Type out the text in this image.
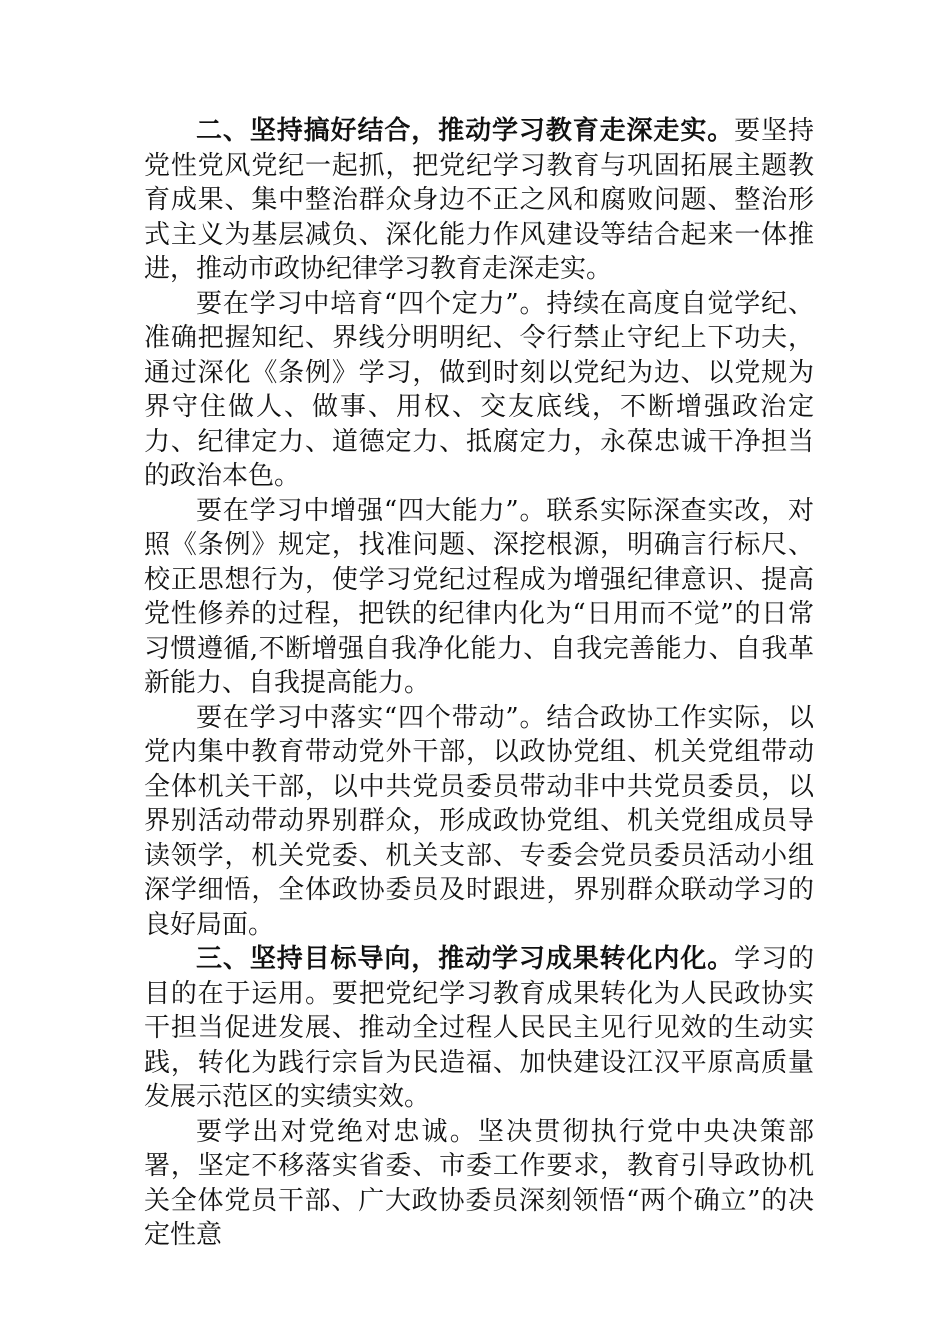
二、坚持搞好结合，推动学习教育走深走实。要坚持党性党风党纪一起抓，把党纪学习教育与巩固拓展主题教育成果、集中整治群众身边不正之风和腐败问题、整治形式主义为基层减负、深化能力作风建设等结合起来一体推进，推动市政协纪律学习教育走深走实。

要在学习中培育“四个定力”。持续在高度自觉学纪、准确把握知纪、界线分明明纪、令行禁止守纪上下功夫，通过深化《条例》学习，做到时刻以党纪为边、以党规为界守住做人、做事、用权、交友底线，不断增强政治定力、纪律定力、道德定力、抵腐定力，永葆忠诚干净担当的政治本色。

要在学习中增强“四大能力”。联系实际深查实改，对照《条例》规定，找准问题、深挖根源，明确言行标尺、校正思想行为，使学习党纪过程成为增强纪律意识、提高党性修养的过程，把铁的纪律内化为“日用而不觉”的日常习惯遵循,不断增强自我净化能力、自我完善能力、自我革新能力、自我提高能力。

要在学习中落实“四个带动”。结合政协工作实际，以党内集中教育带动党外干部，以政协党组、机关党组带动全体机关干部，以中共党员委员带动非中共党员委员，以界别活动带动界别群众，形成政协党组、机关党组成员导读领学，机关党委、机关支部、专委会党员委员活动小组深学细悟，全体政协委员及时跟进，界别群众联动学习的良好局面。

三、坚持目标导向，推动学习成果转化内化。学习的目的在于运用。要把党纪学习教育成果转化为人民政协实干担当促进发展、推动全过程人民民主见行见效的生动实践，转化为践行宗旨为民造福、加快建设江汉平原高质量发展示范区的实绩实效。

要学出对党绝对忠诚。坚决贯彻执行党中央决策部署，坚定不移落实省委、市委工作要求，教育引导政协机关全体党员干部、广大政协委员深刻领悟“两个确立”的决定性意
